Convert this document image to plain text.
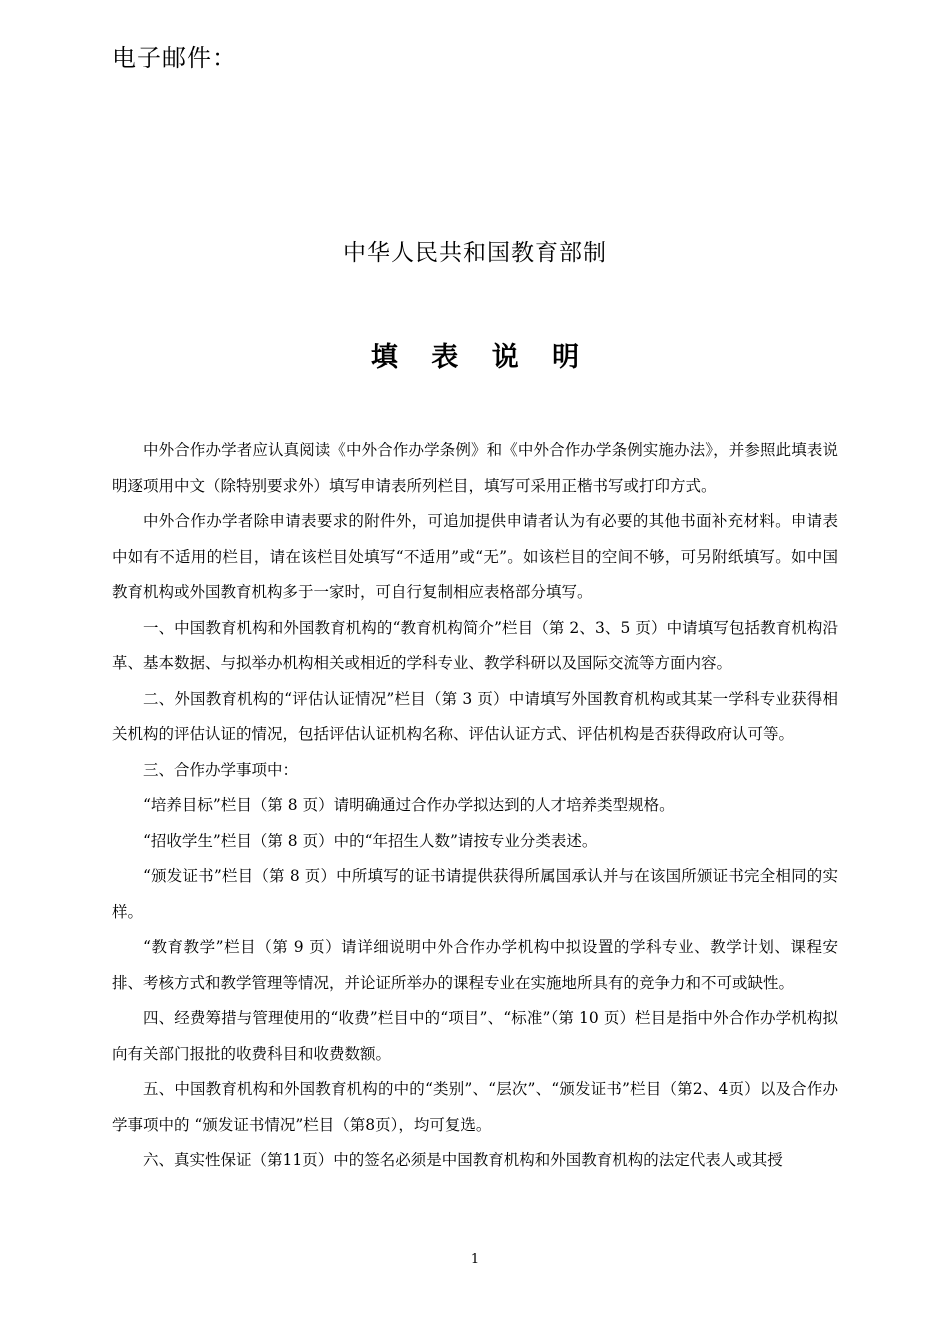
电子邮件：
中华人民共和国教育部制
填 表 说 明

中外合作办学者应认真阅读《中外合作办学条例》和《中外合作办学条例实施办法》，并参照此填表说明逐项用中文（除特别要求外）填写申请表所列栏目，填写可采用正楷书写或打印方式。

中外合作办学者除申请表要求的附件外，可追加提供申请者认为有必要的其他书面补充材料。申请表中如有不适用的栏目，请在该栏目处填写“不适用”或“无”。如该栏目的空间不够，可另附纸填写。如中国教育机构或外国教育机构多于一家时，可自行复制相应表格部分填写。

一、中国教育机构和外国教育机构的“教育机构简介”栏目（第 2、3、5 页）中请填写包括教育机构沿革、基本数据、与拟举办机构相关或相近的学科专业、教学科研以及国际交流等方面内容。

二、外国教育机构的“评估认证情况”栏目（第 3 页）中请填写外国教育机构或其某一学科专业获得相关机构的评估认证的情况，包括评估认证机构名称、评估认证方式、评估机构是否获得政府认可等。

三、合作办学事项中：

“培养目标”栏目（第 8 页）请明确通过合作办学拟达到的人才培养类型规格。

“招收学生”栏目（第 8 页）中的“年招生人数”请按专业分类表述。

“颁发证书”栏目（第 8 页）中所填写的证书请提供获得所属国承认并与在该国所颁证书完全相同的实样。

“教育教学”栏目（第 9 页）请详细说明中外合作办学机构中拟设置的学科专业、教学计划、课程安排、考核方式和教学管理等情况，并论证所举办的课程专业在实施地所具有的竞争力和不可或缺性。

四、经费筹措与管理使用的“收费”栏目中的“项目”、“标准”（第 10 页）栏目是指中外合作办学机构拟向有关部门报批的收费科目和收费数额。

五、中国教育机构和外国教育机构的中的“类别”、“层次”、“颁发证书”栏目（第2、4页）以及合作办学事项中的 “颁发证书情况”栏目（第8页），均可复选。

六、真实性保证（第11页）中的签名必须是中国教育机构和外国教育机构的法定代表人或其授

1
